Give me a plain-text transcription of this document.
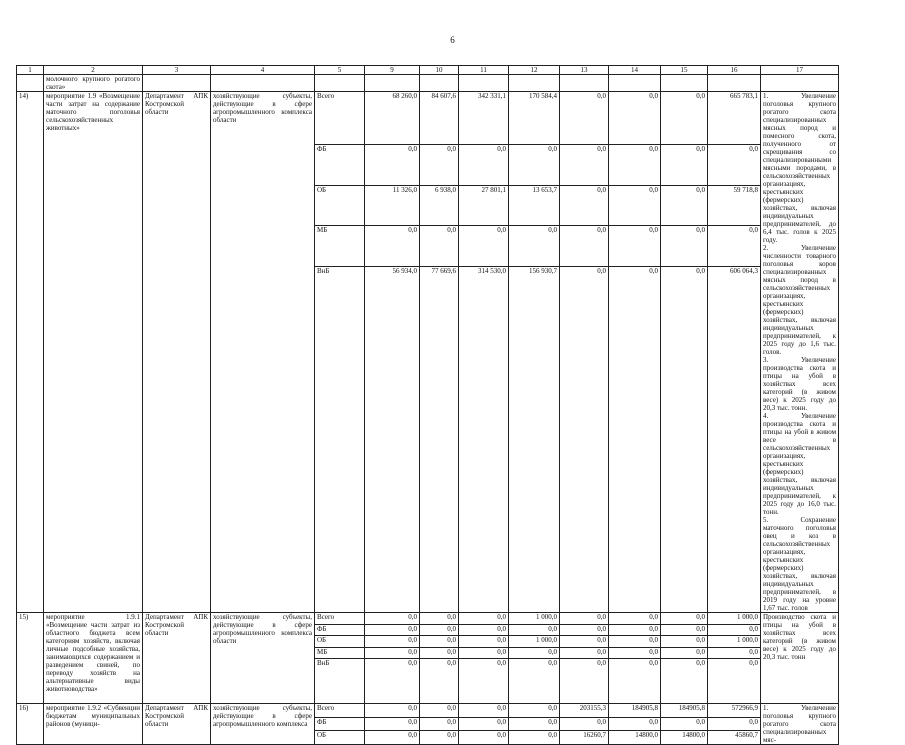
6
1	2	3	4	5	9	10	11	12	13	14	15	16	17
	молочного крупного рогатого скота»												
14)	мероприятие 1.9 «Возмещение части затрат на содержание маточного поголовья сельскохозяйственных животных»	Департамент АПК Костромской области	хозяйствующие субъекты, действующие в сфере агропромышленного комплекса области	Всего	68 260,0	84 607,6	342 331,1	170 584,4	0,0	0,0	0,0	665 783,1	1. Увеличение поголовья крупного рогатого скота специализированных мясных пород и помесного скота, полученного от скрещивания со специализированными мясными породами, в сельскохозяйственных организациях, крестьянских (фермерских) хозяйствах, включая индивидуальных предпринимателей, до 6,4 тыс. голов к 2025 году.
2. Увеличение численности товарного поголовья коров специализированных мясных пород в сельскохозяйственных организациях, крестьянских (фермерских) хозяйствах, включая индивидуальных предпринимателей, к 2025 году до 1,6 тыс. голов.
3. Увеличение производства скота и птицы на убой в хозяйствах всех категорий (в живом весе) к 2025 году до 20,3 тыс. тонн.
4. Увеличение производства скота и птицы на убой в живом весе в сельскохозяйственных организациях, крестьянских (фермерских) хозяйствах, включая индивидуальных предпринимателей, к 2025 году до 16,0 тыс. тонн.
5. Сохранение маточного поголовья овец и коз в сельскохозяйственных организациях, крестьянских (фермерских) хозяйствах, включая индивидуальных предпринимателей, в 2019 году на уровне 1,67 тыс. голов

				ФБ	0,0	0,0	0,0	0,0	0,0	0,0	0,0	0,0	
				ОБ	11 326,0	6 938,0	27 801,1	13 653,7	0,0	0,0	0,0	59 718,8	
				МБ	0,0	0,0	0,0	0,0	0,0	0,0	0,0	0,0	
				ВнБ	56 934,0	77 669,6	314 530,0	156 930,7	0,0	0,0	0,0	606 064,3	
15)	мероприятие 1.9.1 «Возмещение части затрат из областного бюджета всем категориям хозяйств, включая личные подсобные хозяйства, занимающихся содержанием и разведением свиней, по переводу хозяйств на альтернативные виды животноводства»	Департамент АПК Костромской области	хозяйствующие субъекты, действующие в сфере агропромышленного комплекса области	Всего	0,0	0,0	0,0	1 000,0	0,0	0,0	0,0	1 000,0	Производство скота и птицы на убой в хозяйствах всех категорий (в живом весе) к 2025 году до 20,3 тыс. тонн

				ФБ	0,0	0,0	0,0	0,0	0,0	0,0	0,0	0,0	
				ОБ	0,0	0,0	0,0	1 000,0	0,0	0,0	0,0	1 000,0	
				МБ	0,0	0,0	0,0	0,0	0,0	0,0	0,0	0,0	
				ВнБ	0,0	0,0	0,0	0,0	0,0	0,0	0,0	0,0	
16)	мероприятие 1.9.2 «Субвенции бюджетам муниципальных районов (муници-	Департамент АПК Костромской области	хозяйствующие субъекты, действующие в сфере агропромышленного комплекса	Всего	0,0	0,0	0,0	0,0	203155,3	184905,8	184905,8	572966,9	1. Увеличение поголовья крупного рогатого скота специализированных мяс-

				ФБ	0,0	0,0	0,0	0,0	0,0	0,0	0,0	0,0	
				ОБ	0,0	0,0	0,0	0,0	16260,7	14800,0	14800,0	45860,7	
